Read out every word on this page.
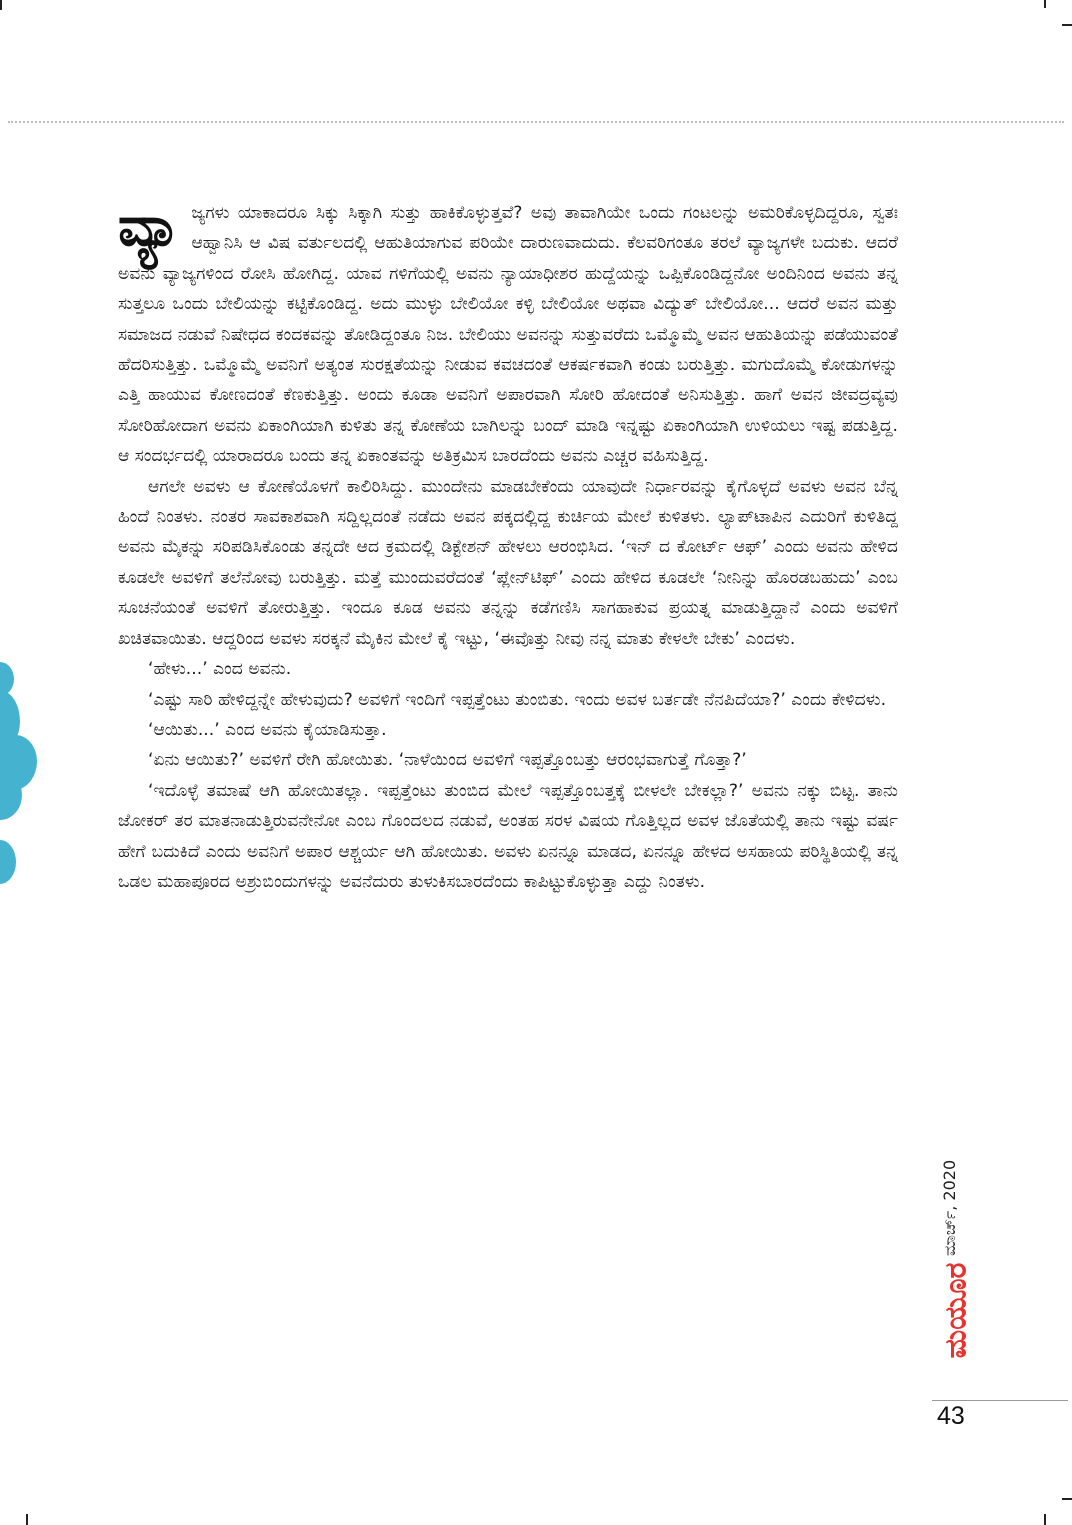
ವ್ಯಾ ಜ್ಯಗಳು ಯಾಕಾದರೂ ಸಿಕ್ಕು ಸಿಕ್ಕಾಗಿ ಸುತ್ತು ಹಾಕಿಕೊಳ್ಳುತ್ತವೆ? ಅವು ತಾವಾಗಿಯೇ ಒಂದು ಗಂಟಲನ್ನು ಅಮರಿಕೊಳ್ಳದಿದ್ದರೂ, ಸ್ವತಃ ಆಹ್ವಾನಿಸಿ ಆ ವಿಷ ವರ್ತುಲದಲ್ಲಿ ಆಹುತಿಯಾಗುವ ಪರಿಯೇ ದಾರುಣವಾದುದು. ಕೆಲವರಿಗಂತೂ ತರಲೆ ವ್ಯಾಜ್ಯಗಳೇ ಬದುಕು. ಆದರೆ ಅವನು ವ್ಯಾಜ್ಯಗಳಿಂದ ರೋಸಿ ಹೋಗಿದ್ದ. ಯಾವ ಗಳಿಗೆಯಲ್ಲಿ ಅವನು ನ್ಯಾಯಾಧೀಶರ ಹುದ್ದೆಯನ್ನು ಒಪ್ಪಿಕೊಂಡಿದ್ದನೋ ಅಂದಿನಿಂದ ಅವನು ತನ್ನ ಸುತ್ತಲೂ ಒಂದು ಬೇಲಿಯನ್ನು ಕಟ್ಟಿಕೊಂಡಿದ್ದ. ಅದು ಮುಳ್ಳು ಬೇಲಿಯೋ ಕಳ್ಳಿ ಬೇಲಿಯೋ ಅಥವಾ ವಿದ್ಯುತ್ ಬೇಲಿಯೋ... ಆದರೆ ಅವನ ಮತ್ತು ಸಮಾಜದ ನಡುವೆ ನಿಷೇಧದ ಕಂದಕವನ್ನು ತೋಡಿದ್ದಂತೂ ನಿಜ. ಬೇಲಿಯು ಅವನನ್ನು ಸುತ್ತುವರೆದು ಒಮ್ಮೊಮ್ಮೆ ಅವನ ಆಹುತಿಯನ್ನು ಪಡೆಯುವಂತೆ ಹೆದರಿಸುತ್ತಿತ್ತು. ಒಮ್ಮೊಮ್ಮೆ ಅವನಿಗೆ ಅತ್ಯಂತ ಸುರಕ್ಷತೆಯನ್ನು ನೀಡುವ ಕವಚದಂತೆ ಆಕರ್ಷಕವಾಗಿ ಕಂಡು ಬರುತ್ತಿತ್ತು. ಮಗುದೊಮ್ಮೆ ಕೋಡುಗಳನ್ನು ಎತ್ತಿ ಹಾಯುವ ಕೋಣದಂತೆ ಕೆಣಕುತ್ತಿತ್ತು. ಅಂದು ಕೂಡಾ ಅವನಿಗೆ ಅಪಾರವಾಗಿ ಸೋರಿ ಹೋದಂತೆ ಅನಿಸುತ್ತಿತ್ತು. ಹಾಗೆ ಅವನ ಜೀವದ್ರವ್ಯವು ಸೋರಿಹೋದಾಗ ಅವನು ಏಕಾಂಗಿಯಾಗಿ ಕುಳಿತು ತನ್ನ ಕೋಣೆಯ ಬಾಗಿಲನ್ನು ಬಂದ್ ಮಾಡಿ ಇನ್ನಷ್ಟು ಏಕಾಂಗಿಯಾಗಿ ಉಳಿಯಲು ಇಷ್ಟ ಪಡುತ್ತಿದ್ದ. ಆ ಸಂದರ್ಭದಲ್ಲಿ ಯಾರಾದರೂ ಬಂದು ತನ್ನ ಏಕಾಂತವನ್ನು ಅತಿಕ್ರಮಿಸ ಬಾರದೆಂದು ಅವನು ಎಚ್ಚರ ವಹಿಸುತ್ತಿದ್ದ.

ಆಗಲೇ ಅವಳು ಆ ಕೋಣೆಯೊಳಗೆ ಕಾಲಿರಿಸಿದ್ದು. ಮುಂದೇನು ಮಾಡಬೇಕೆಂದು ಯಾವುದೇ ನಿರ್ಧಾರವನ್ನು ಕೈಗೊಳ್ಳದೆ ಅವಳು ಅವನ ಬೆನ್ನ ಹಿಂದೆ ನಿಂತಳು. ನಂತರ ಸಾವಕಾಶವಾಗಿ ಸದ್ದಿಲ್ಲದಂತೆ ನಡೆದು ಅವನ ಪಕ್ಕದಲ್ಲಿದ್ದ ಕುರ್ಚಿಯ ಮೇಲೆ ಕುಳಿತಳು. ಲ್ಯಾಪ್‌ಟಾಪಿನ ಎದುರಿಗೆ ಕುಳಿತಿದ್ದ ಅವನು ಮೈಕನ್ನು ಸರಿಪಡಿಸಿಕೊಂಡು ತನ್ನದೇ ಆದ ಕ್ರಮದಲ್ಲಿ ಡಿಕ್ಟೇಶನ್ ಹೇಳಲು ಆರಂಭಿಸಿದ. ‘ಇನ್ ದ ಕೋರ್ಟ್ ಆಫ್’ ಎಂದು ಅವನು ಹೇಳಿದ ಕೂಡಲೇ ಅವಳಿಗೆ ತಲೆನೋವು ಬರುತ್ತಿತ್ತು. ಮತ್ತೆ ಮುಂದುವರೆದಂತೆ ‘ಪ್ಲೇನ್‌ಟಿಫ್’ ಎಂದು ಹೇಳಿದ ಕೂಡಲೇ ‘ನೀನಿನ್ನು ಹೊರಡಬಹುದು’ ಎಂಬ ಸೂಚನೆಯಂತೆ ಅವಳಿಗೆ ತೋರುತ್ತಿತ್ತು. ಇಂದೂ ಕೂಡ ಅವನು ತನ್ನನ್ನು ಕಡೆಗಣಿಸಿ ಸಾಗಹಾಕುವ ಪ್ರಯತ್ನ ಮಾಡುತ್ತಿದ್ದಾನೆ ಎಂದು ಅವಳಿಗೆ ಖಚಿತವಾಯಿತು. ಆದ್ದರಿಂದ ಅವಳು ಸರಕ್ಕನೆ ಮೈಕಿನ ಮೇಲೆ ಕೈ ಇಟ್ಟು, ‘ಈವೊತ್ತು ನೀವು ನನ್ನ ಮಾತು ಕೇಳಲೇ ಬೇಕು’ ಎಂದಳು.

‘ಹೇಳು...’ ಎಂದ ಅವನು.

‘ಎಷ್ಟು ಸಾರಿ ಹೇಳಿದ್ದನ್ನೇ ಹೇಳುವುದು? ಅವಳಿಗೆ ಇಂದಿಗೆ ಇಪ್ಪತ್ತೆಂಟು ತುಂಬಿತು. ಇಂದು ಅವಳ ಬರ್ತಡೇ ನೆನಪಿದೆಯಾ?’ ಎಂದು ಕೇಳಿದಳು.

‘ಆಯಿತು...’ ಎಂದ ಅವನು ಕೈಯಾಡಿಸುತ್ತಾ.

‘ಏನು ಆಯಿತು?’ ಅವಳಿಗೆ ರೇಗಿ ಹೋಯಿತು. ‘ನಾಳೆಯಿಂದ ಅವಳಿಗೆ ಇಪ್ಪತ್ತೊಂಬತ್ತು ಆರಂಭವಾಗುತ್ತೆ ಗೊತ್ತಾ?’

‘ಇದೊಳ್ಳೆ ತಮಾಷೆ ಆಗಿ ಹೋಯಿತಲ್ಲಾ. ಇಪ್ಪತ್ತೆಂಟು ತುಂಬಿದ ಮೇಲೆ ಇಪ್ಪತ್ತೊಂಬತ್ತಕ್ಕೆ ಬೀಳಲೇ ಬೇಕಲ್ಲಾ?’ ಅವನು ನಕ್ಕು ಬಿಟ್ಟ. ತಾನು ಜೋಕರ್ ತರ ಮಾತನಾಡುತ್ತಿರುವನೇನೋ ಎಂಬ ಗೊಂದಲದ ನಡುವೆ, ಅಂತಹ ಸರಳ ವಿಷಯ ಗೊತ್ತಿಲ್ಲದ ಅವಳ ಜೊತೆಯಲ್ಲಿ ತಾನು ಇಷ್ಟು ವರ್ಷ ಹೇಗೆ ಬದುಕಿದೆ ಎಂದು ಅವನಿಗೆ ಅಪಾರ ಆಶ್ಚರ್ಯ ಆಗಿ ಹೋಯಿತು. ಅವಳು ಏನನ್ನೂ ಮಾಡದ, ಏನನ್ನೂ ಹೇಳದ ಅಸಹಾಯ ಪರಿಸ್ಥಿತಿಯಲ್ಲಿ ತನ್ನ ಒಡಲ ಮಹಾಪೂರದ ಅಶ್ರುಬಿಂದುಗಳನ್ನು ಅವನೆದುರು ತುಳುಕಿಸಬಾರದೆಂದು ಕಾಪಿಟ್ಟುಕೊಳ್ಳುತ್ತಾ ಎದ್ದು ನಿಂತಳು.

ಮಾರ್ಚ್, 2020
ಮಯೂರ
43
